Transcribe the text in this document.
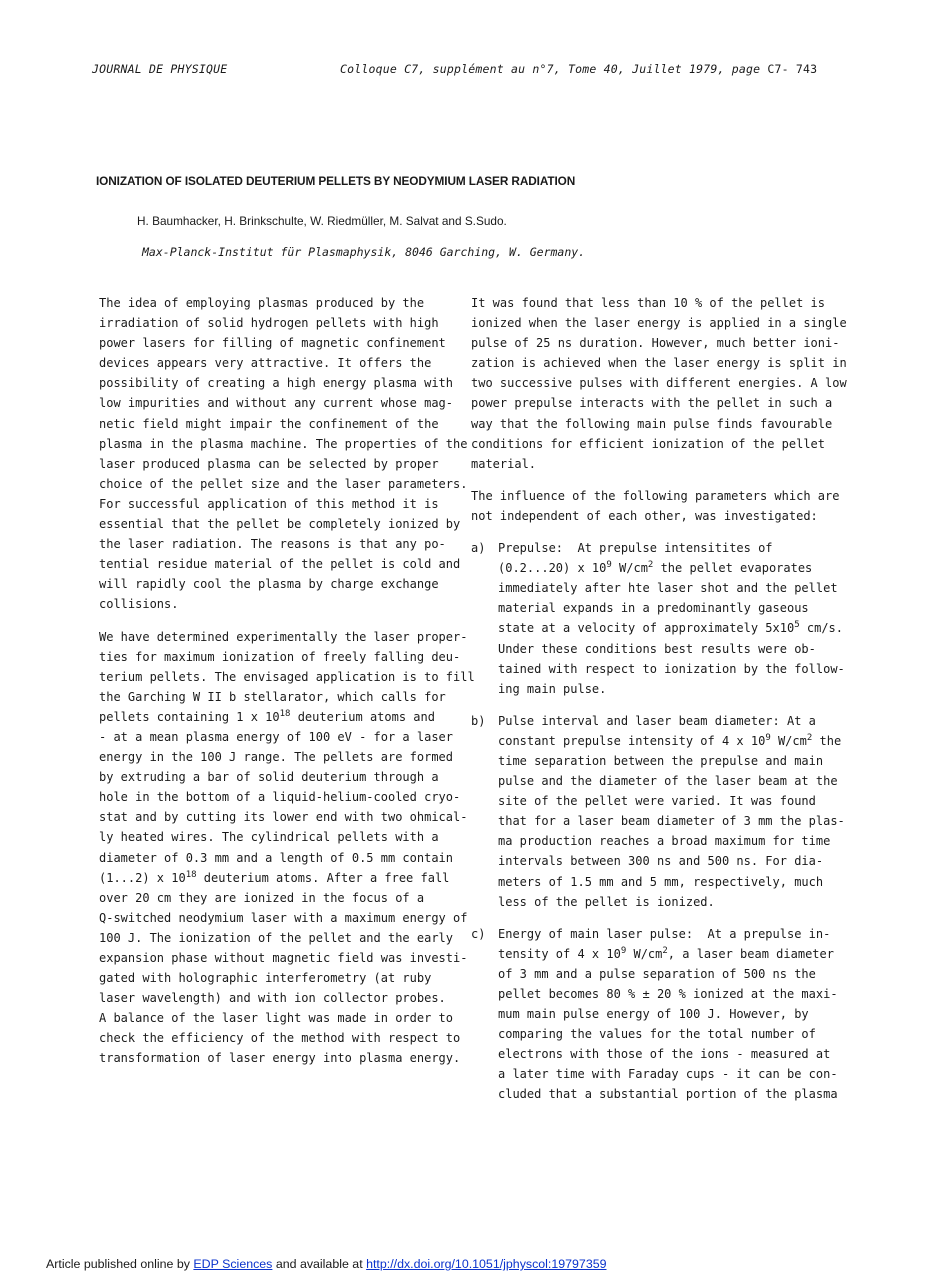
JOURNAL DE PHYSIQUE	Colloque C7, supplément au n°7, Tome 40, Juillet 1979, page C7- 743
IONIZATION OF ISOLATED DEUTERIUM PELLETS BY NEODYMIUM LASER RADIATION
H. Baumhacker, H. Brinkschulte, W. Riedmüller, M. Salvat and S.Sudo.
Max-Planck-Institut für Plasmaphysik, 8046 Garching, W. Germany.

The idea of employing plasmas produced by the

irradiation of solid hydrogen pellets with high

power lasers for filling of magnetic confinement

devices appears very attractive. It offers the

possibility of creating a high energy plasma with

low impurities and without any current whose mag-

netic field might impair the confinement of the

plasma in the plasma machine. The properties of the

laser produced plasma can be selected by proper

choice of the pellet size and the laser parameters.

For successful application of this method it is

essential that the pellet be completely ionized by

the laser radiation. The reasons is that any po-

tential residue material of the pellet is cold and

will rapidly cool the plasma by charge exchange

collisions.

We have determined experimentally the laser proper-

ties for maximum ionization of freely falling deu-

terium pellets. The envisaged application is to fill

the Garching W II b stellarator, which calls for

pellets containing 1 x $10^{18}$ deuterium atoms and

- at a mean plasma energy of 100 eV - for a laser

energy in the 100 J range. The pellets are formed

by extruding a bar of solid deuterium through a

hole in the bottom of a liquid-helium-cooled cryo-

stat and by cutting its lower end with two ohmical-

ly heated wires. The cylindrical pellets with a

diameter of 0.3 mm and a length of 0.5 mm contain

(1...2) x $10^{18}$ deuterium atoms. After a free fall

over 20 cm they are ionized in the focus of a

Q-switched neodymium laser with a maximum energy of

100 J. The ionization of the pellet and the early

expansion phase without magnetic field was investi-

gated with holographic interferometry (at ruby

laser wavelength) and with ion collector probes.

A balance of the laser light was made in order to

check the efficiency of the method with respect to

transformation of laser energy into plasma energy.

It was found that less than 10 % of the pellet is

ionized when the laser energy is applied in a single

pulse of 25 ns duration. However, much better ioni-

zation is achieved when the laser energy is split in

two successive pulses with different energies. A low

power prepulse interacts with the pellet in such a

way that the following main pulse finds favourable

conditions for efficient ionization of the pellet

material.

The influence of the following parameters which are

not independent of each other, was investigated:

a)	Prepulse:  At prepulse intensitites of

(0.2...20) x $10^9$ $W/cm^2$ the pellet evaporates

immediately after hte laser shot and the pellet

material expands in a predominantly gaseous

state at a velocity of approximately $5x10^5$ cm/s.

Under these conditions best results were ob-

tained with respect to ionization by the follow-

ing main pulse.

b)	Pulse interval and laser beam diameter: At a

constant prepulse intensity of 4 x $10^9$ $W/cm^2$ the

time separation between the prepulse and main

pulse and the diameter of the laser beam at the

site of the pellet were varied. It was found

that for a laser beam diameter of 3 mm the plas-

ma production reaches a broad maximum for time

intervals between 300 ns and 500 ns. For dia-

meters of 1.5 mm and 5 mm, respectively, much

less of the pellet is ionized.

c)	Energy of main laser pulse:  At a prepulse in-

tensity of 4 x $10^9$ $W/cm^2$, a laser beam diameter

of 3 mm and a pulse separation of 500 ns the

pellet becomes 80 % ± 20 % ionized at the maxi-

mum main pulse energy of 100 J. However, by

comparing the values for the total number of

electrons with those of the ions - measured at

a later time with Faraday cups - it can be con-

cluded that a substantial portion of the plasma

Article published online by EDP Sciences and available at http://dx.doi.org/10.1051/jphyscol:19797359
